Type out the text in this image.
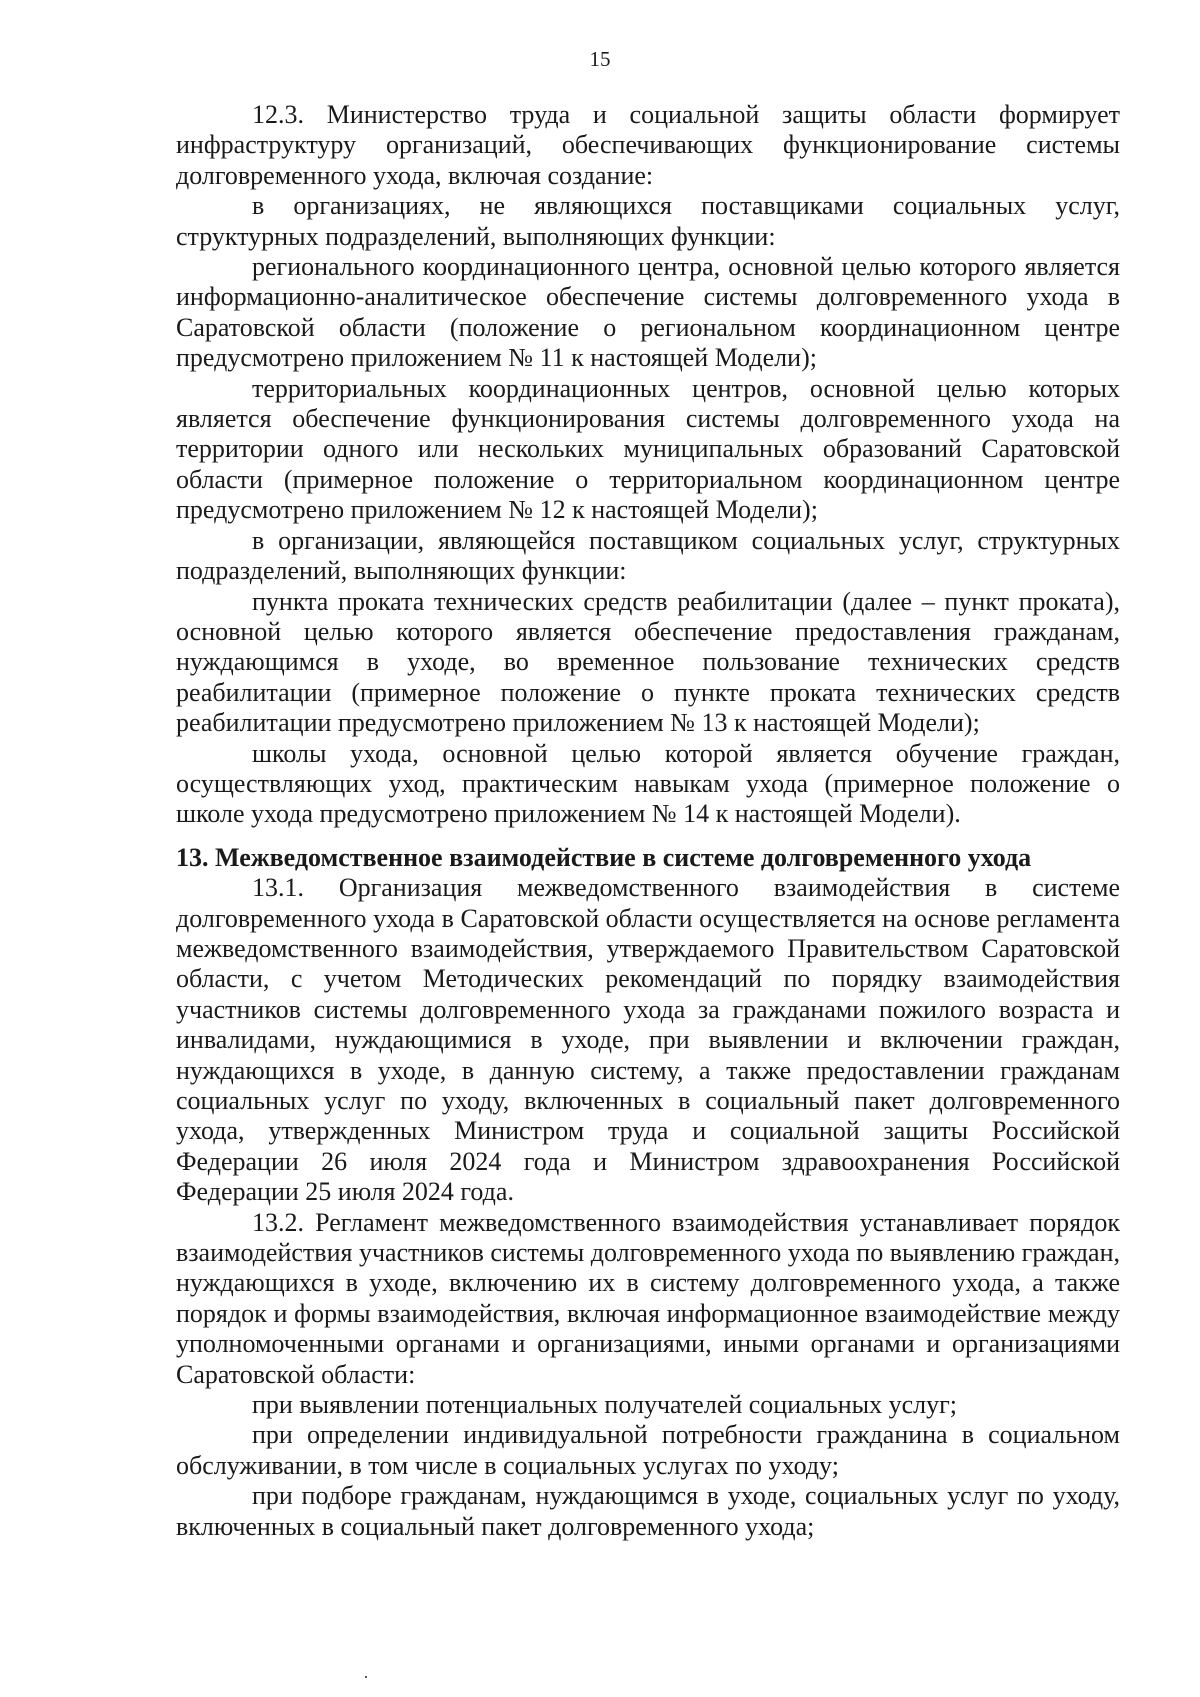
15

12.3. Министерство труда и социальной защиты области формирует инфраструктуру организаций, обеспечивающих функционирование системы долговременного ухода, включая создание:

в организациях, не являющихся поставщиками социальных услуг, структурных подразделений, выполняющих функции:

регионального координационного центра, основной целью которого является информационно-аналитическое обеспечение системы долговременного ухода в Саратовской области (положение о региональном координационном центре предусмотрено приложением № 11 к настоящей Модели);

территориальных координационных центров, основной целью которых является обеспечение функционирования системы долговременного ухода на территории одного или нескольких муниципальных образований Саратовской области (примерное положение о территориальном координационном центре предусмотрено приложением № 12 к настоящей Модели);

в организации, являющейся поставщиком социальных услуг, структурных подразделений, выполняющих функции:

пункта проката технических средств реабилитации (далее – пункт проката), основной целью которого является обеспечение предоставления гражданам, нуждающимся в уходе, во временное пользование технических средств реабилитации (примерное положение о пункте проката технических средств реабилитации предусмотрено приложением № 13 к настоящей Модели);

школы ухода, основной целью которой является обучение граждан, осуществляющих уход, практическим навыкам ухода (примерное положение о школе ухода предусмотрено приложением № 14 к настоящей Модели).

13. Межведомственное взаимодействие в системе долговременного ухода

13.1. Организация межведомственного взаимодействия в системе долговременного ухода в Саратовской области осуществляется на основе регламента межведомственного взаимодействия, утверждаемого Правительством Саратовской области, с учетом Методических рекомендаций по порядку взаимодействия участников системы долговременного ухода за гражданами пожилого возраста и инвалидами, нуждающимися в уходе, при выявлении и включении граждан, нуждающихся в уходе, в данную систему, а также предоставлении гражданам социальных услуг по уходу, включенных в социальный пакет долговременного ухода, утвержденных Министром труда и социальной защиты Российской Федерации 26 июля 2024 года и Министром здравоохранения Российской Федерации 25 июля 2024 года.

13.2. Регламент межведомственного взаимодействия устанавливает порядок взаимодействия участников системы долговременного ухода по выявлению граждан, нуждающихся в уходе, включению их в систему долговременного ухода, а также порядок и формы взаимодействия, включая информационное взаимодействие между уполномоченными органами и организациями, иными органами и организациями Саратовской области:

при выявлении потенциальных получателей социальных услуг;

при определении индивидуальной потребности гражданина в социальном обслуживании, в том числе в социальных услугах по уходу;

при подборе гражданам, нуждающимся в уходе, социальных услуг по уходу, включенных в социальный пакет долговременного ухода;
